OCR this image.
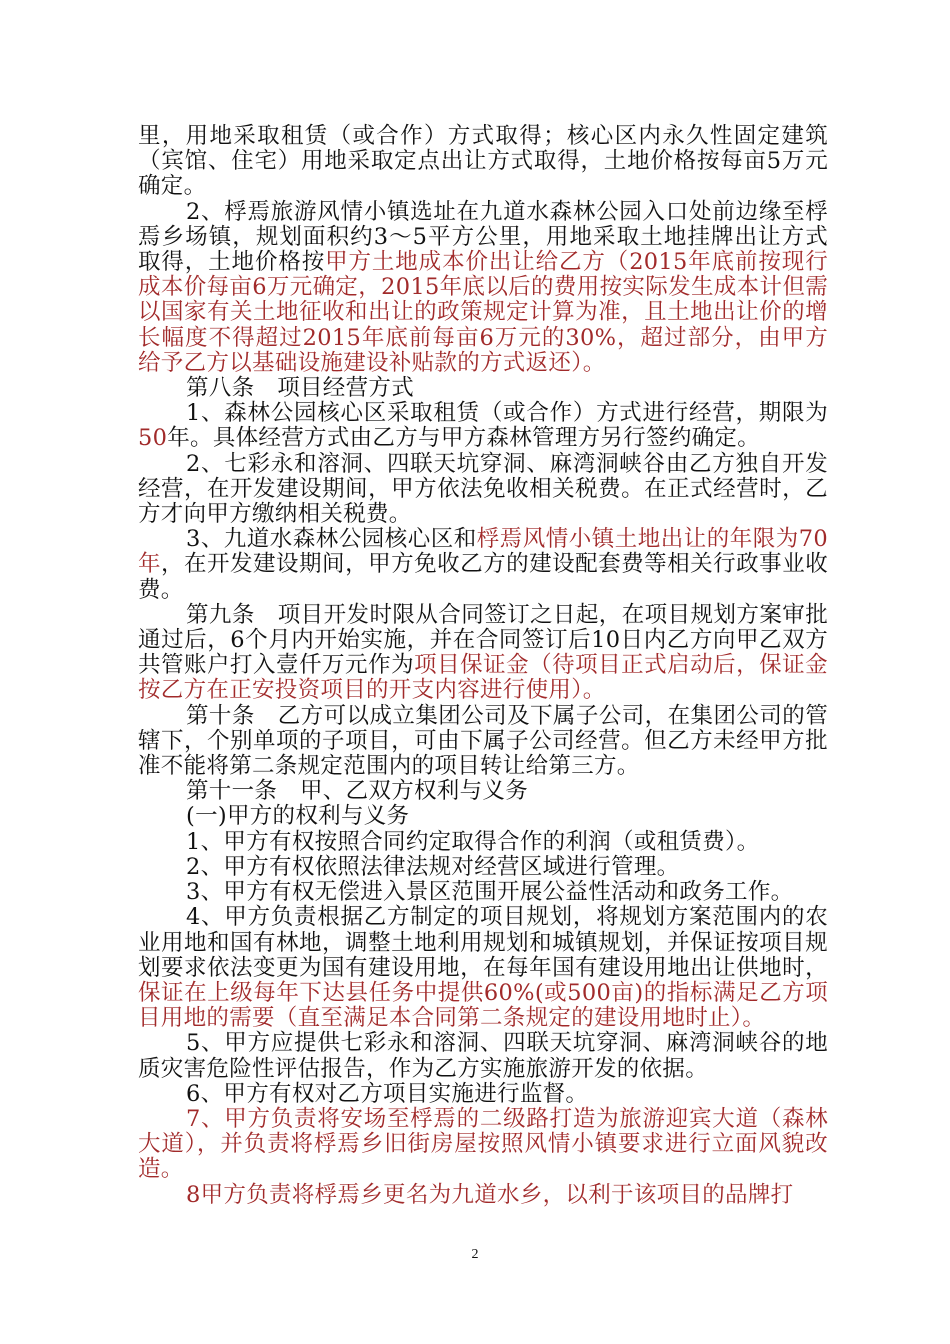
里，用地采取租赁（或合作）方式取得；核心区内永久性固定建筑（宾馆、住宅）用地采取定点出让方式取得，土地价格按每亩5万元确定。

2、桴焉旅游风情小镇选址在九道水森林公园入口处前边缘至桴焉乡场镇，规划面积约3～5平方公里，用地采取土地挂牌出让方式取得，土地价格按甲方土地成本价出让给乙方（2015年底前按现行成本价每亩6万元确定，2015年底以后的费用按实际发生成本计但需以国家有关土地征收和出让的政策规定计算为准，且土地出让价的增长幅度不得超过2015年底前每亩6万元的30%，超过部分，由甲方给予乙方以基础设施建设补贴款的方式返还）。

第八条　项目经营方式

1、森林公园核心区采取租赁（或合作）方式进行经营，期限为50年。具体经营方式由乙方与甲方森林管理方另行签约确定。

2、七彩永和溶洞、四联天坑穿洞、麻湾洞峡谷由乙方独自开发经营，在开发建设期间，甲方依法免收相关税费。在正式经营时，乙方才向甲方缴纳相关税费。

3、九道水森林公园核心区和桴焉风情小镇土地出让的年限为70年，在开发建设期间，甲方免收乙方的建设配套费等相关行政事业收费。

第九条　项目开发时限从合同签订之日起，在项目规划方案审批通过后，6个月内开始实施，并在合同签订后10日内乙方向甲乙双方共管账户打入壹仟万元作为项目保证金（待项目正式启动后，保证金按乙方在正安投资项目的开支内容进行使用）。

第十条　乙方可以成立集团公司及下属子公司，在集团公司的管辖下，个别单项的子项目，可由下属子公司经营。但乙方未经甲方批准不能将第二条规定范围内的项目转让给第三方。

第十一条　甲、乙双方权利与义务

(一)甲方的权利与义务

1、甲方有权按照合同约定取得合作的利润（或租赁费）。

2、甲方有权依照法律法规对经营区域进行管理。

3、甲方有权无偿进入景区范围开展公益性活动和政务工作。

4、甲方负责根据乙方制定的项目规划，将规划方案范围内的农业用地和国有林地，调整土地利用规划和城镇规划，并保证按项目规划要求依法变更为国有建设用地，在每年国有建设用地出让供地时，保证在上级每年下达县任务中提供60%(或500亩)的指标满足乙方项目用地的需要（直至满足本合同第二条规定的建设用地时止）。

5、甲方应提供七彩永和溶洞、四联天坑穿洞、麻湾洞峡谷的地质灾害危险性评估报告，作为乙方实施旅游开发的依据。

6、甲方有权对乙方项目实施进行监督。

7、甲方负责将安场至桴焉的二级路打造为旅游迎宾大道（森林大道），并负责将桴焉乡旧街房屋按照风情小镇要求进行立面风貌改造。

8甲方负责将桴焉乡更名为九道水乡，以利于该项目的品牌打

2
